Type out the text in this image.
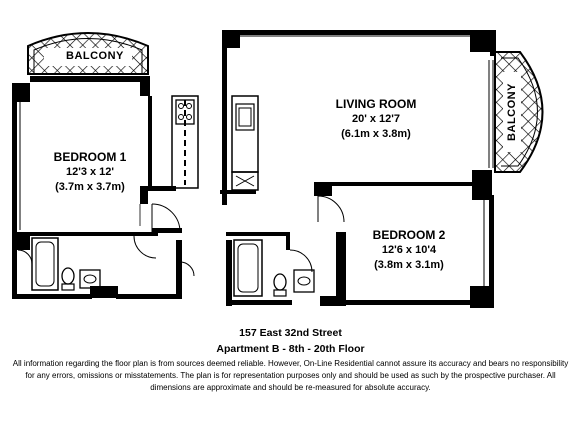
BALCONY
BALCONY
LIVING ROOM
20' x 12'7
(6.1m x 3.8m)
BEDROOM 1
12'3 x 12'
(3.7m x 3.7m)
BEDROOM 2
12'6 x 10'4
(3.8m x 3.1m)
157 East 32nd Street
Apartment B - 8th - 20th Floor
All information regarding the floor plan is from sources deemed reliable. However, On-Line Residential cannot assure its accuracy and bears no responsibility for any errors, omissions or misstatements. The plan is for representation purposes only and should be used as such by the prospective purchaser. All dimensions are approximate and should be re-measured for absolute accuracy.
